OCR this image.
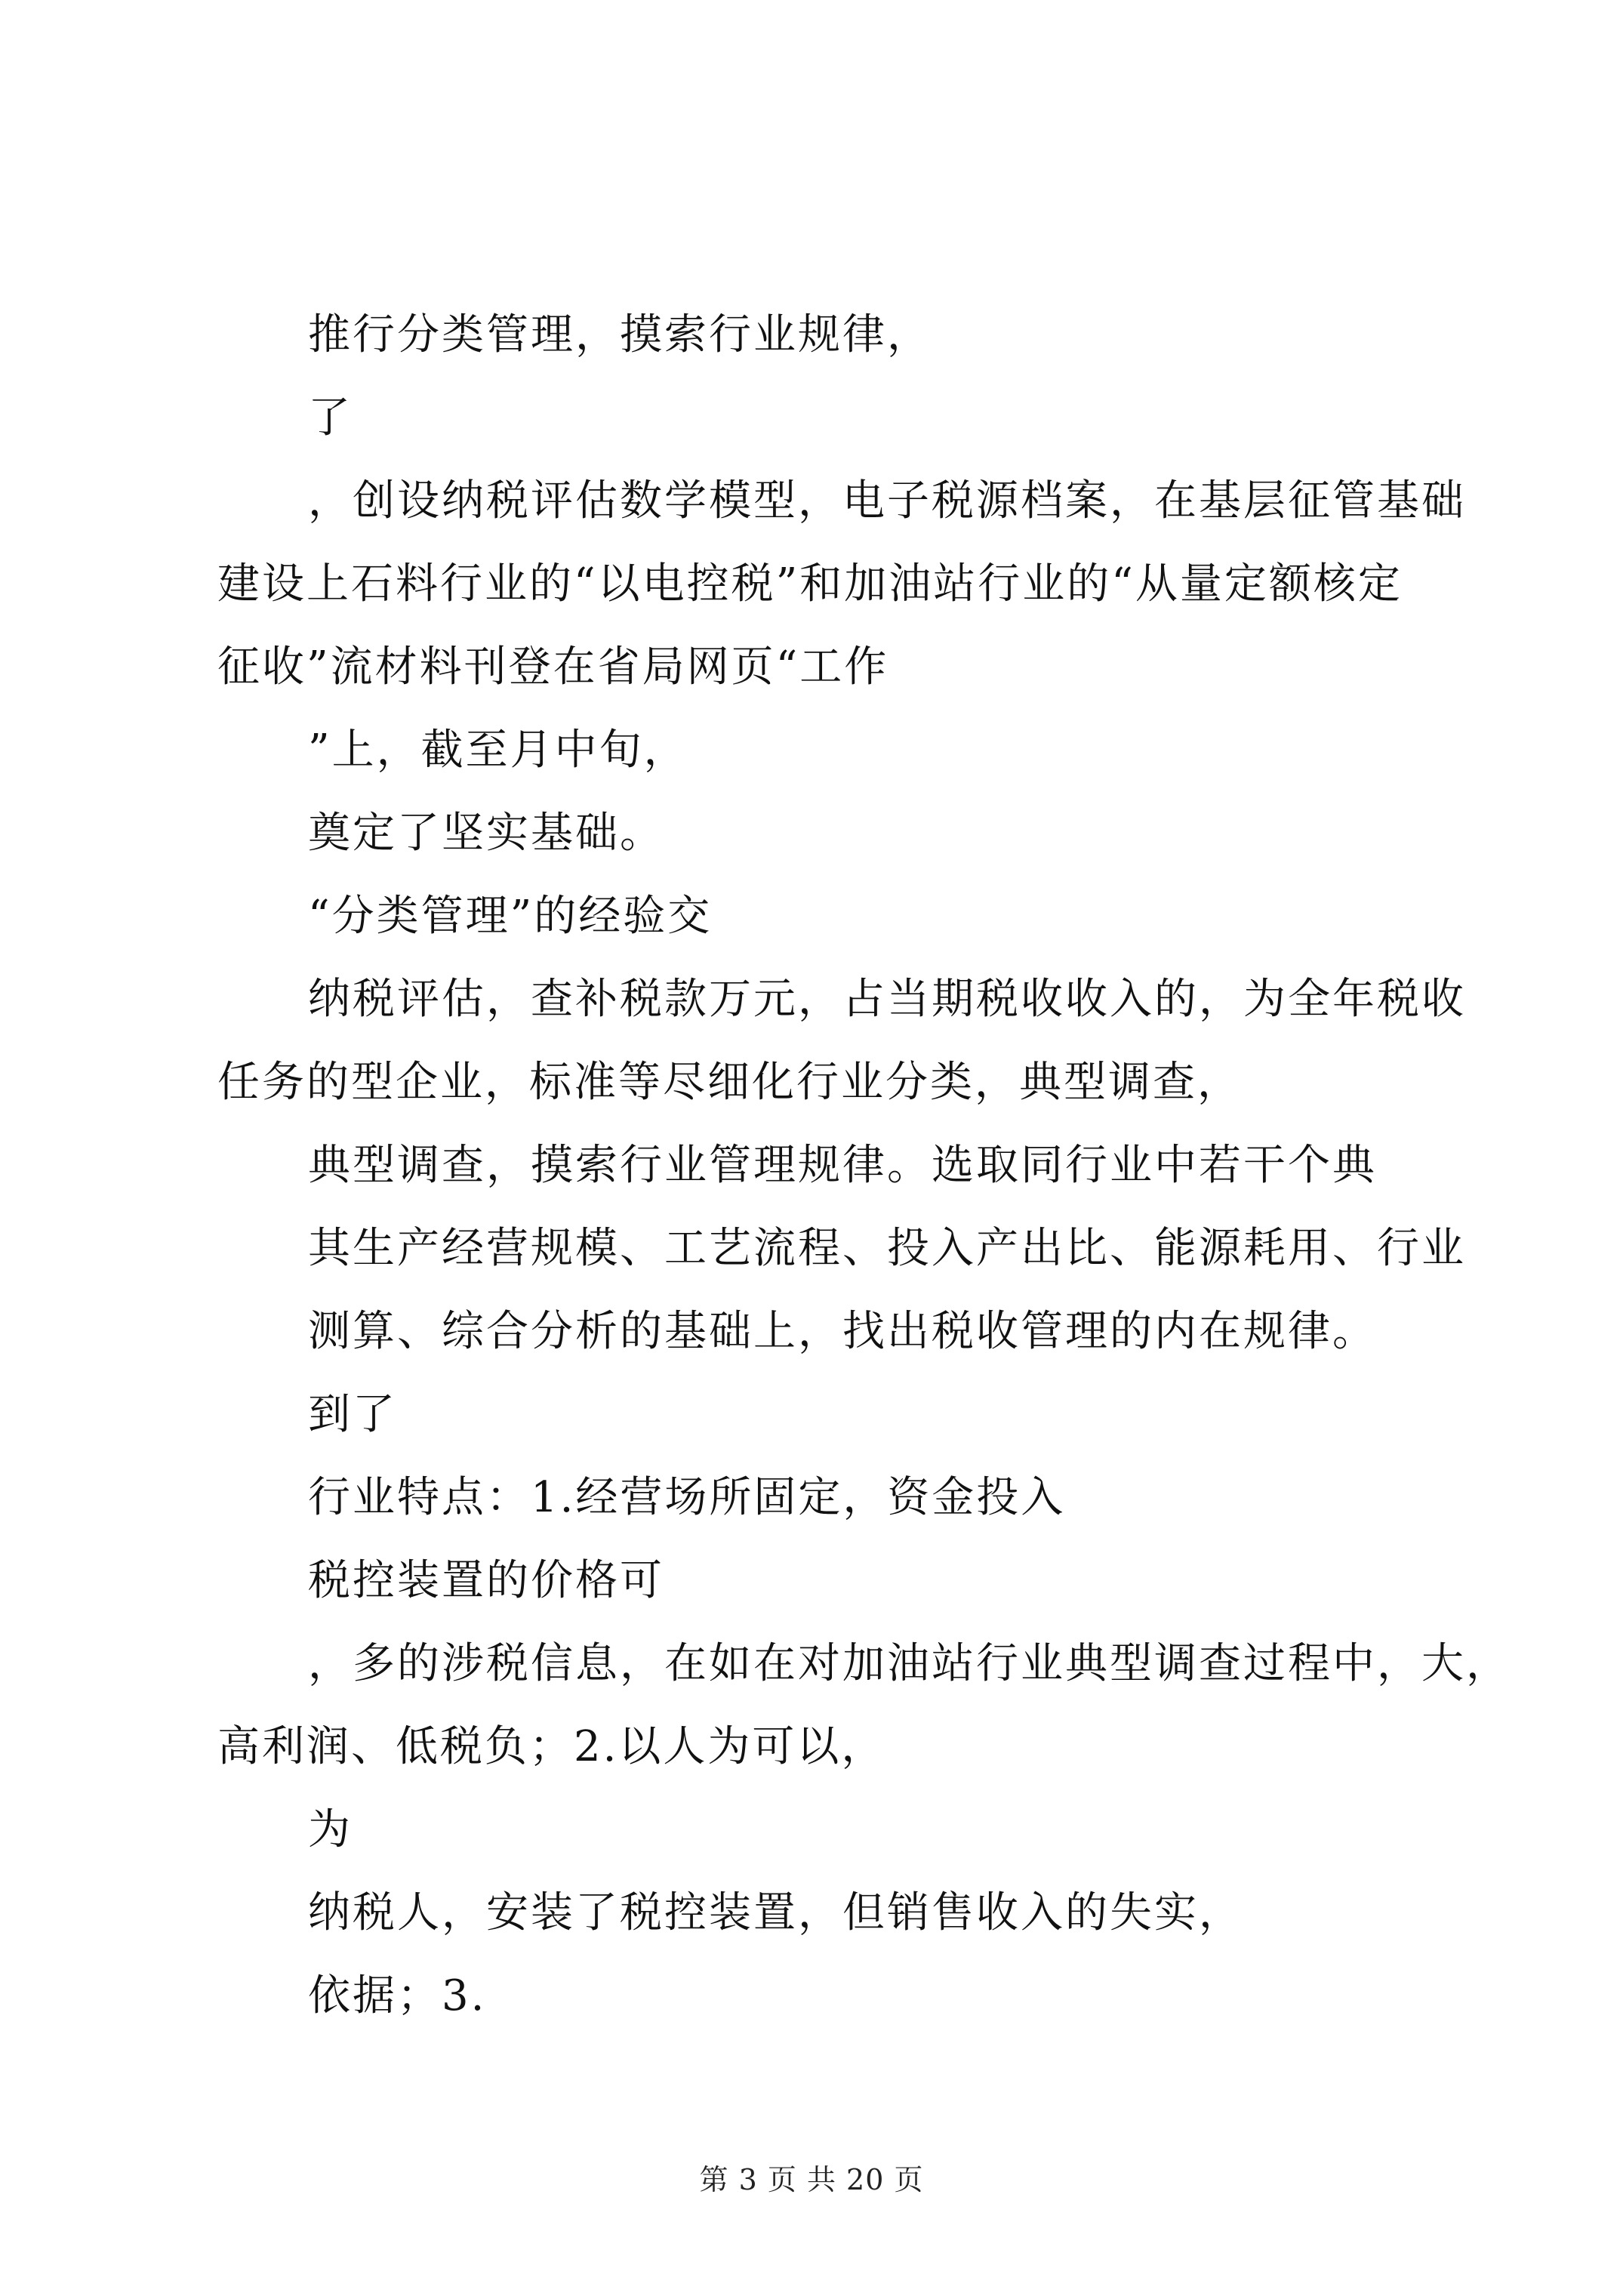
推行分类管理，摸索行业规律，
了
，创设纳税评估数学模型，电子税源档案，在基层征管基础
建设上石料行业的“以电控税”和加油站行业的“从量定额核定
征收”流材料刊登在省局网页“工作
”上，截至月中旬，
奠定了坚实基础。
“分类管理”的经验交
纳税评估，查补税款万元，占当期税收收入的，为全年税收
任务的型企业，标准等尽细化行业分类，典型调查，
典型调查，摸索行业管理规律。选取同行业中若干个典
其生产经营规模、工艺流程、投入产出比、能源耗用、行业
测算、综合分析的基础上，找出税收管理的内在规律。
到了
行业特点：1.经营场所固定，资金投入
税控装置的价格可
，多的涉税信息，在如在对加油站行业典型调查过程中，大，
高利润、低税负；2.以人为可以，
为
纳税人，安装了税控装置，但销售收入的失实，
依据；3.
第 3 页 共 20 页
